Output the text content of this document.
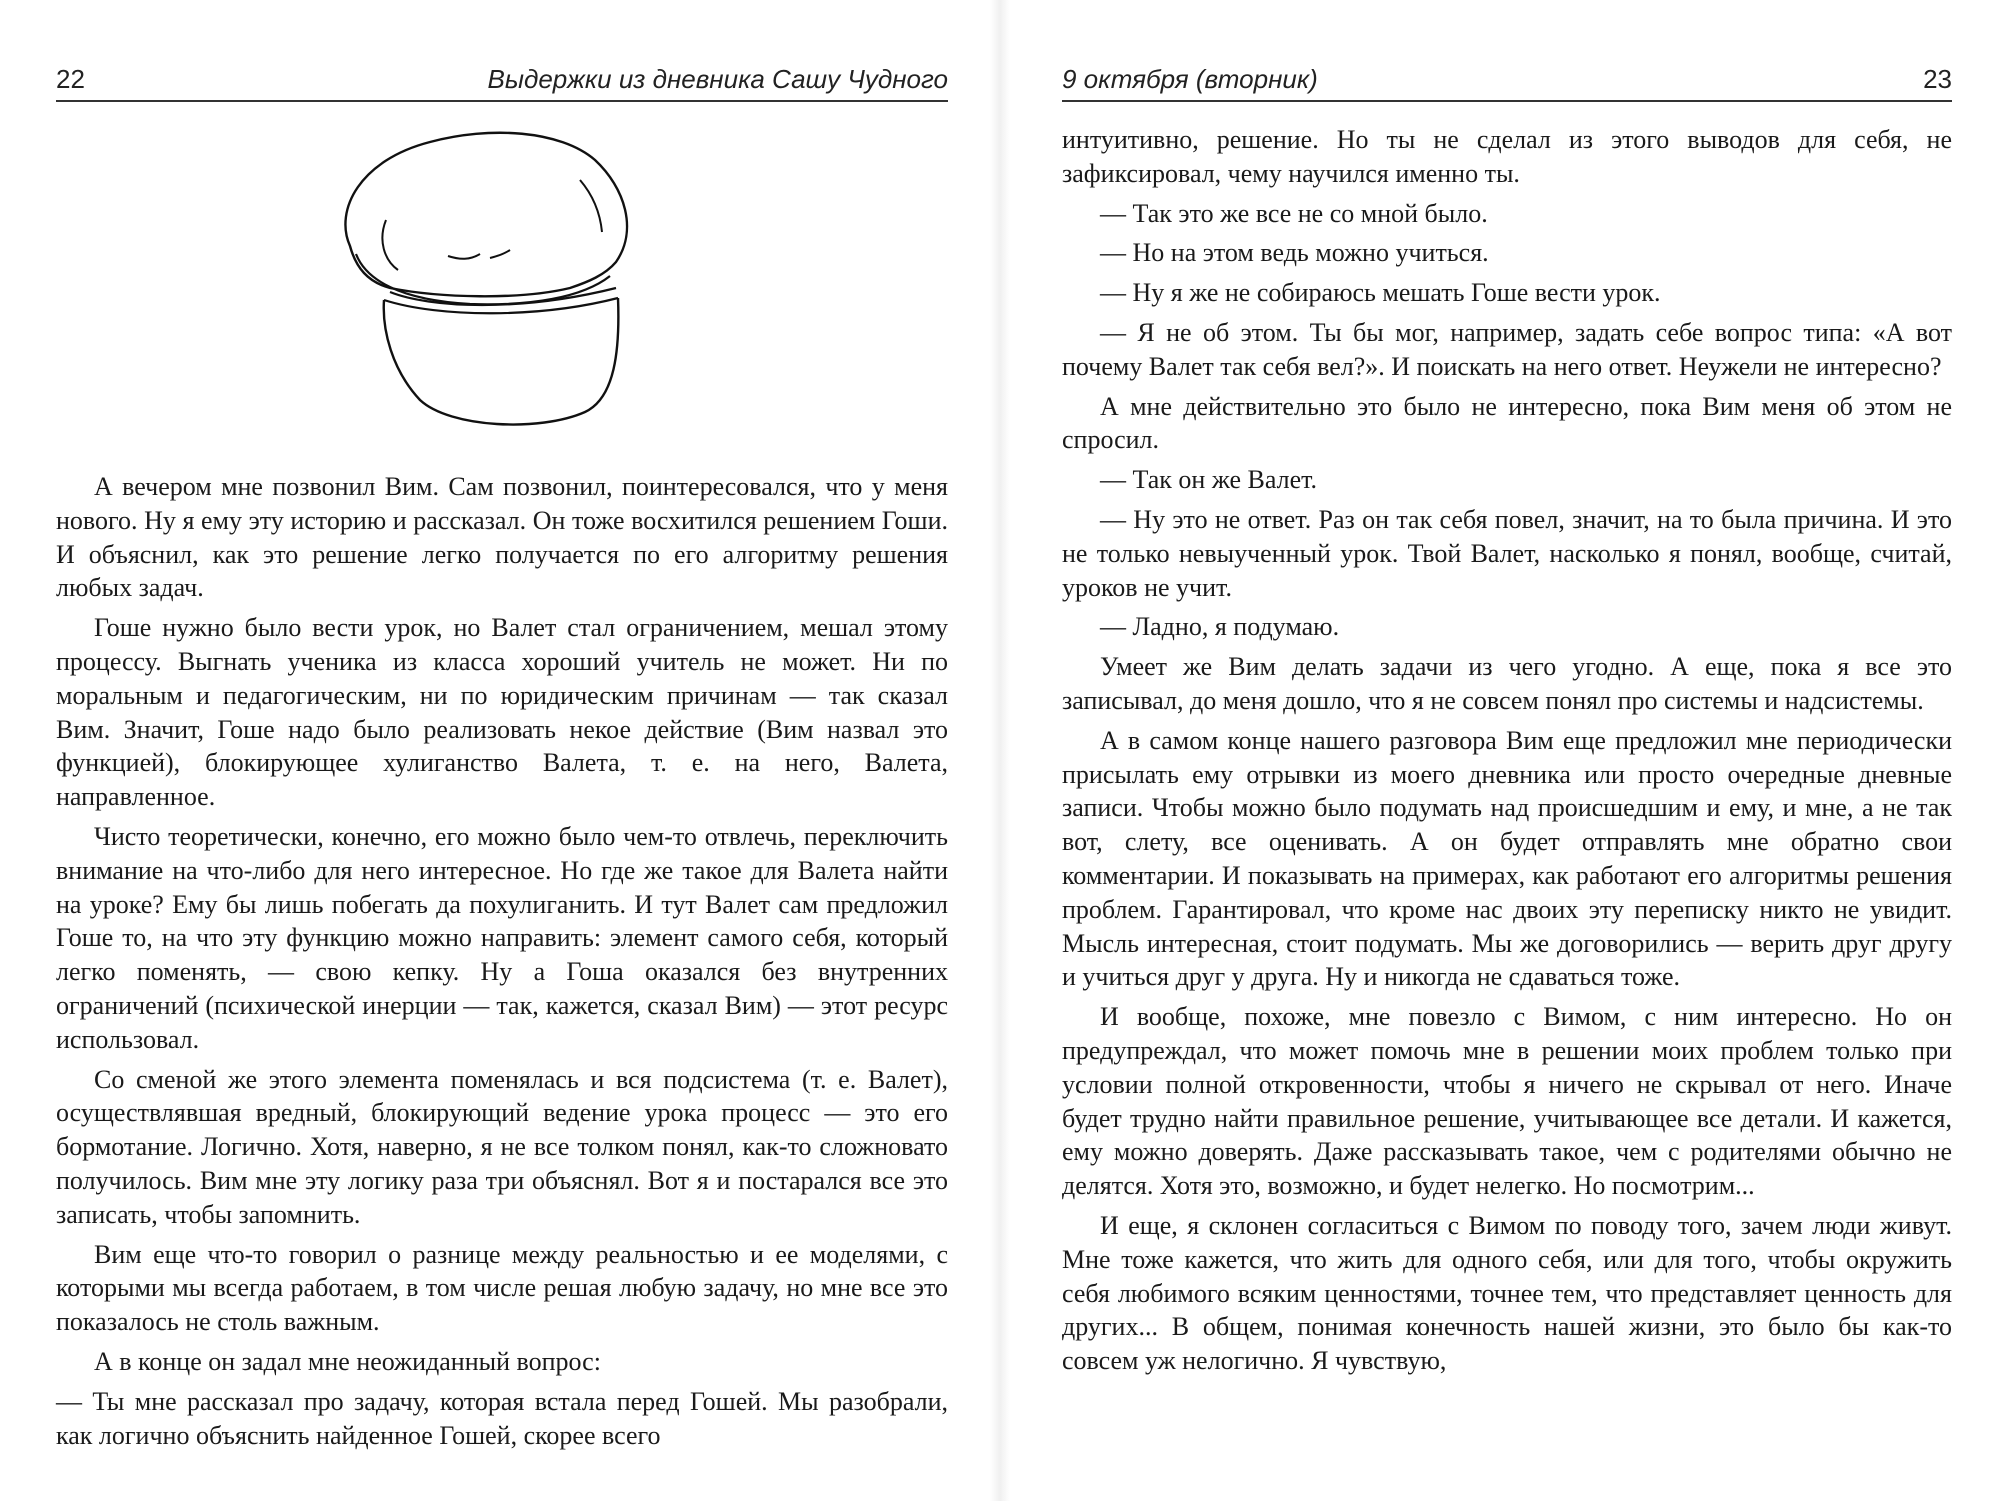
22	Выдержки из дневника Сашу Чудного

А вечером мне позвонил Вим. Сам позвонил, поинтересовался, что у меня нового. Ну я ему эту историю и рассказал. Он тоже восхитился решением Гоши. И объяснил, как это решение легко получается по его алгоритму решения любых задач.

Гоше нужно было вести урок, но Валет стал ограничением, мешал этому процессу. Выгнать ученика из класса хороший учитель не может. Ни по моральным и педагогическим, ни по юридическим причинам — так сказал Вим. Значит, Гоше надо было реализовать некое действие (Вим назвал это функцией), блокирующее хулиганство Валета, т. е. на него, Валета, направленное.

Чисто теоретически, конечно, его можно было чем-то отвлечь, переключить внимание на что-либо для него интересное. Но где же такое для Валета найти на уроке? Ему бы лишь побегать да похулиганить. И тут Валет сам предложил Гоше то, на что эту функцию можно направить: элемент самого себя, который легко поменять, — свою кепку. Ну а Гоша оказался без внутренних ограничений (психической инерции — так, кажется, сказал Вим) — этот ресурс использовал.

Со сменой же этого элемента поменялась и вся подсистема (т. е. Валет), осуществлявшая вредный, блокирующий ведение урока процесс — это его бормотание. Логично. Хотя, наверно, я не все толком понял, как-то сложновато получилось. Вим мне эту логику раза три объяснял. Вот я и постарался все это записать, чтобы запомнить.

Вим еще что-то говорил о разнице между реальностью и ее моделями, с которыми мы всегда работаем, в том числе решая любую задачу, но мне все это показалось не столь важным.

А в конце он задал мне неожиданный вопрос:

— Ты мне рассказал про задачу, которая встала перед Гошей. Мы разобрали, как логично объяснить найденное Гошей, скорее всего

9 октября (вторник)	23

интуитивно, решение. Но ты не сделал из этого выводов для себя, не зафиксировал, чему научился именно ты.

— Так это же все не со мной было.

— Но на этом ведь можно учиться.

— Ну я же не собираюсь мешать Гоше вести урок.

— Я не об этом. Ты бы мог, например, задать себе вопрос типа: «А вот почему Валет так себя вел?». И поискать на него ответ. Неужели не интересно?

А мне действительно это было не интересно, пока Вим меня об этом не спросил.

— Так он же Валет.

— Ну это не ответ. Раз он так себя повел, значит, на то была причина. И это не только невыученный урок. Твой Валет, насколько я понял, вообще, считай, уроков не учит.

— Ладно, я подумаю.

Умеет же Вим делать задачи из чего угодно. А еще, пока я все это записывал, до меня дошло, что я не совсем понял про системы и надсистемы.

А в самом конце нашего разговора Вим еще предложил мне периодически присылать ему отрывки из моего дневника или просто очередные дневные записи. Чтобы можно было подумать над происшедшим и ему, и мне, а не так вот, слету, все оценивать. А он будет отправлять мне обратно свои комментарии. И показывать на примерах, как работают его алгоритмы решения проблем. Гарантировал, что кроме нас двоих эту переписку никто не увидит. Мысль интересная, стоит подумать. Мы же договорились — верить друг другу и учиться друг у друга. Ну и никогда не сдаваться тоже.

И вообще, похоже, мне повезло с Вимом, с ним интересно. Но он предупреждал, что может помочь мне в решении моих проблем только при условии полной откровенности, чтобы я ничего не скрывал от него. Иначе будет трудно найти правильное решение, учитывающее все детали. И кажется, ему можно доверять. Даже рассказывать такое, чем с родителями обычно не делятся. Хотя это, возможно, и будет нелегко. Но посмотрим...

И еще, я склонен согласиться с Вимом по поводу того, зачем люди живут. Мне тоже кажется, что жить для одного себя, или для того, чтобы окружить себя любимого всяким ценностями, точнее тем, что представляет ценность для других... В общем, понимая конечность нашей жизни, это было бы как-то совсем уж нелогично. Я чувствую,
